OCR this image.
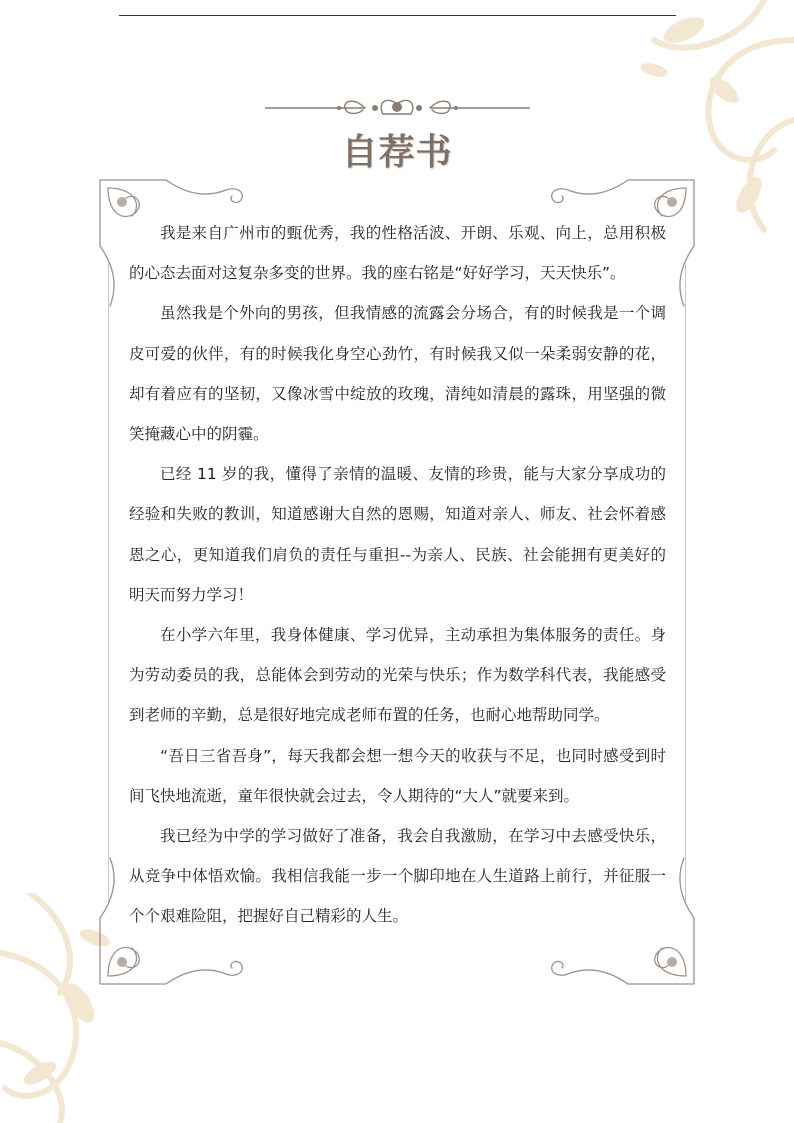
自荐书

我是来自广州市的甄优秀，我的性格活波、开朗、乐观、向上，总用积极的心态去面对这复杂多变的世界。我的座右铭是“好好学习，天天快乐”。

虽然我是个外向的男孩，但我情感的流露会分场合，有的时候我是一个调皮可爱的伙伴，有的时候我化身空心劲竹，有时候我又似一朵柔弱安静的花，却有着应有的坚韧，又像冰雪中绽放的玫瑰，清纯如清晨的露珠，用坚强的微笑掩藏心中的阴霾。

已经 11 岁的我，懂得了亲情的温暖、友情的珍贵，能与大家分享成功的经验和失败的教训，知道感谢大自然的恩赐，知道对亲人、师友、社会怀着感恩之心，更知道我们肩负的责任与重担--为亲人、民族、社会能拥有更美好的明天而努力学习！

在小学六年里，我身体健康、学习优异，主动承担为集体服务的责任。身为劳动委员的我，总能体会到劳动的光荣与快乐；作为数学科代表，我能感受到老师的辛勤，总是很好地完成老师布置的任务，也耐心地帮助同学。

“吾日三省吾身”，每天我都会想一想今天的收获与不足，也同时感受到时间飞快地流逝，童年很快就会过去，令人期待的“大人”就要来到。

我已经为中学的学习做好了准备，我会自我激励，在学习中去感受快乐，从竞争中体悟欢愉。我相信我能一步一个脚印地在人生道路上前行，并征服一个个艰难险阻，把握好自己精彩的人生。
